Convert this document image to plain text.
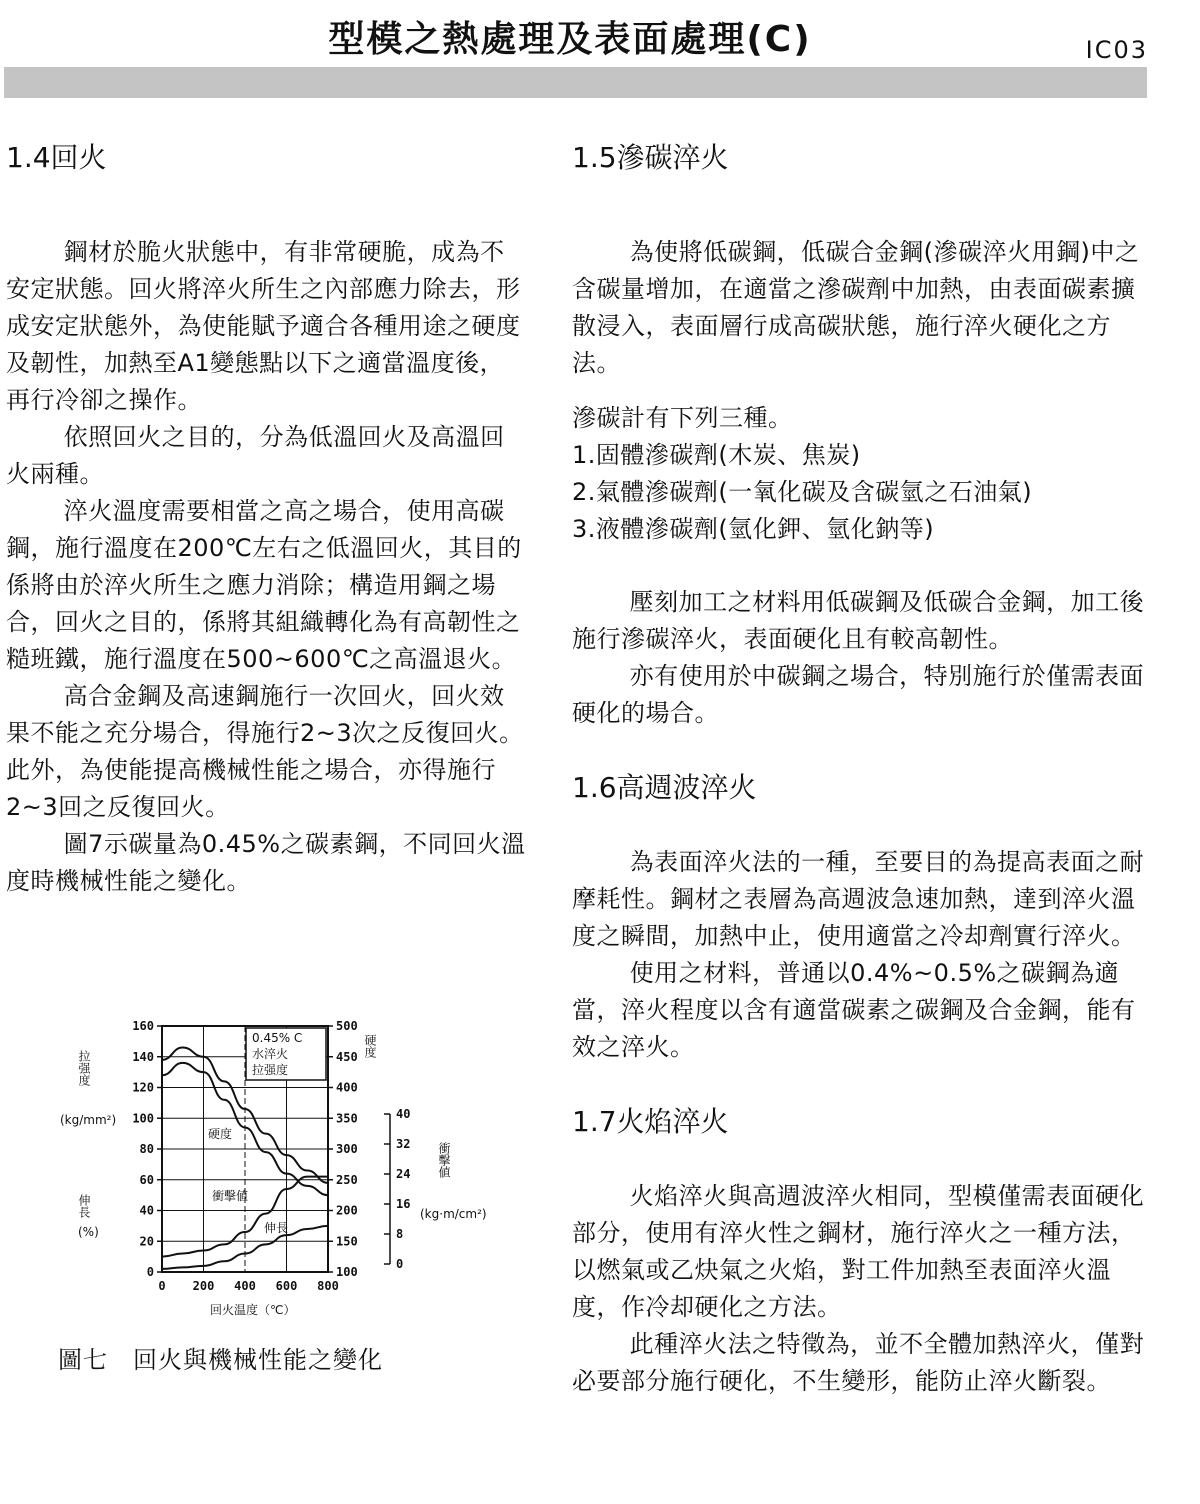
型模之熱處理及表面處理(C)	IC03
1.4回火

鋼材於脆火狀態中，有非常硬脆，成為不安定狀態。回火將淬火所生之內部應力除去，形成安定狀態外，為使能賦予適合各種用途之硬度及韌性，加熱至A1變態點以下之適當溫度後，再行冷卻之操作。

依照回火之目的，分為低溫回火及高溫回火兩種。

淬火溫度需要相當之高之場合，使用高碳鋼，施行溫度在200℃左右之低溫回火，其目的係將由於淬火所生之應力消除；構造用鋼之場合，回火之目的，係將其組織轉化為有高韌性之糙班鐵，施行溫度在500~600℃之高溫退火。

高合金鋼及高速鋼施行一次回火，回火效果不能之充分場合，得施行2~3次之反復回火。此外，為使能提高機械性能之場合，亦得施行2~3回之反復回火。

圖7示碳量為0.45%之碳素鋼，不同回火溫度時機械性能之變化。

160
140
120
100
80
60
40
20
0
500
450
400
350
300
250
200
150
100
0 200 400 600 800
40
32
24
16
8
0
0.45% C
水淬火
拉强度
硬度
衝擊値
伸長
拉强度
(kg/mm²)
伸長
(%)
硬度
衝擊値
(kg·m/cm²)
回火温度（℃）
圖七　回火與機械性能之變化
1.5滲碳淬火

為使將低碳鋼，低碳合金鋼(滲碳淬火用鋼)中之含碳量增加，在適當之滲碳劑中加熱，由表面碳素擴散浸入，表面層行成高碳狀態，施行淬火硬化之方法。

滲碳計有下列三種。

1.固體滲碳劑(木炭、焦炭)

2.氣體滲碳劑(一氧化碳及含碳氫之石油氣)

3.液體滲碳劑(氫化鉀、氫化鈉等)

壓刻加工之材料用低碳鋼及低碳合金鋼，加工後施行滲碳淬火，表面硬化且有較高韌性。

亦有使用於中碳鋼之場合，特別施行於僅需表面硬化的場合。

1.6高週波淬火

為表面淬火法的一種，至要目的為提高表面之耐摩耗性。鋼材之表層為高週波急速加熱，達到淬火溫度之瞬間，加熱中止，使用適當之冷却劑實行淬火。

使用之材料，普通以0.4%~0.5%之碳鋼為適當，淬火程度以含有適當碳素之碳鋼及合金鋼，能有效之淬火。

1.7火焰淬火

火焰淬火與高週波淬火相同，型模僅需表面硬化部分，使用有淬火性之鋼材，施行淬火之一種方法，以燃氣或乙炔氣之火焰，對工件加熱至表面淬火溫度，作冷却硬化之方法。

此種淬火法之特徵為，並不全體加熱淬火，僅對必要部分施行硬化，不生變形，能防止淬火斷裂。
